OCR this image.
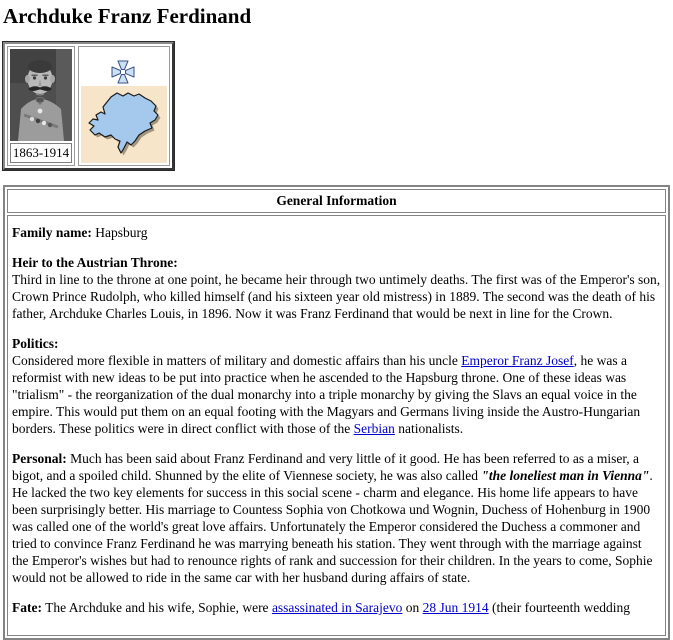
Archduke Franz Ferdinand
1863-1914
General Information

Family name: Hapsburg

Heir to the Austrian Throne:
Third in line to the throne at one point, he became heir through two untimely deaths. The first was of the Emperor's son, Crown Prince Rudolph, who killed himself (and his sixteen year old mistress) in 1889. The second was the death of his father, Archduke Charles Louis, in 1896. Now it was Franz Ferdinand that would be next in line for the Crown.

Politics:
Considered more flexible in matters of military and domestic affairs than his uncle Emperor Franz Josef, he was a reformist with new ideas to be put into practice when he ascended to the Hapsburg throne. One of these ideas was "trialism" - the reorganization of the dual monarchy into a triple monarchy by giving the Slavs an equal voice in the empire. This would put them on an equal footing with the Magyars and Germans living inside the Austro-Hungarian borders. These politics were in direct conflict with those of the Serbian nationalists.

Personal: Much has been said about Franz Ferdinand and very little of it good. He has been referred to as a miser, a bigot, and a spoiled child. Shunned by the elite of Viennese society, he was also called "the loneliest man in Vienna". He lacked the two key elements for success in this social scene - charm and elegance. His home life appears to have been surprisingly better. His marriage to Countess Sophia von Chotkowa und Wognin, Duchess of Hohenburg in 1900 was called one of the world's great love affairs. Unfortunately the Emperor considered the Duchess a commoner and tried to convince Franz Ferdinand he was marrying beneath his station. They went through with the marriage against the Emperor's wishes but had to renounce rights of rank and succession for their children. In the years to come, Sophie would not be allowed to ride in the same car with her husband during affairs of state.

Fate: The Archduke and his wife, Sophie, were assassinated in Sarajevo on 28 Jun 1914 (their fourteenth wedding
